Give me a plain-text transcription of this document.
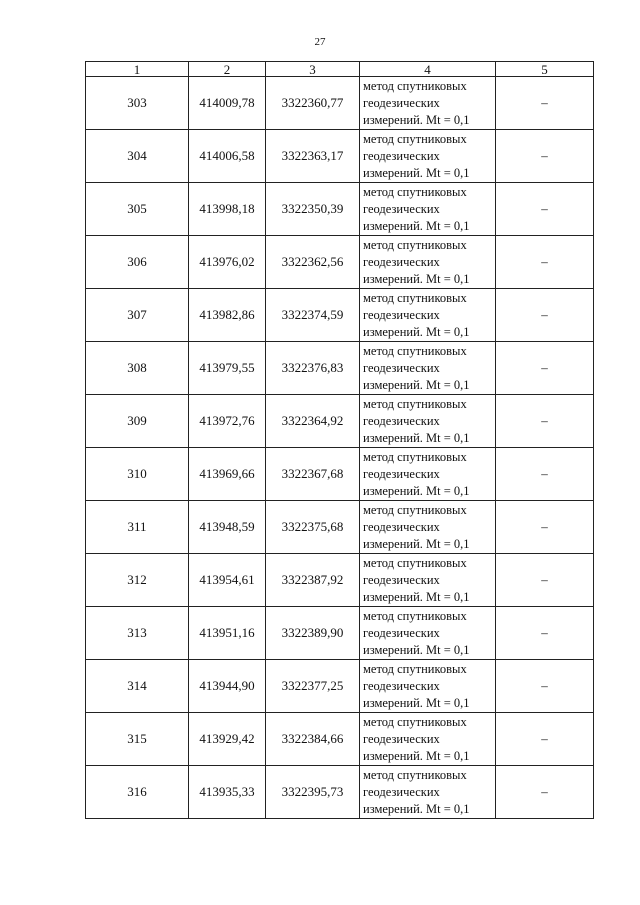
27
1	2	3	4	5
303	414009,78	3322360,77	метод спутниковых
геодезических
измерений. Mt = 0,1	–
304	414006,58	3322363,17	метод спутниковых
геодезических
измерений. Mt = 0,1	–
305	413998,18	3322350,39	метод спутниковых
геодезических
измерений. Mt = 0,1	–
306	413976,02	3322362,56	метод спутниковых
геодезических
измерений. Mt = 0,1	–
307	413982,86	3322374,59	метод спутниковых
геодезических
измерений. Mt = 0,1	–
308	413979,55	3322376,83	метод спутниковых
геодезических
измерений. Mt = 0,1	–
309	413972,76	3322364,92	метод спутниковых
геодезических
измерений. Mt = 0,1	–
310	413969,66	3322367,68	метод спутниковых
геодезических
измерений. Mt = 0,1	–
311	413948,59	3322375,68	метод спутниковых
геодезических
измерений. Mt = 0,1	–
312	413954,61	3322387,92	метод спутниковых
геодезических
измерений. Mt = 0,1	–
313	413951,16	3322389,90	метод спутниковых
геодезических
измерений. Mt = 0,1	–
314	413944,90	3322377,25	метод спутниковых
геодезических
измерений. Mt = 0,1	–
315	413929,42	3322384,66	метод спутниковых
геодезических
измерений. Mt = 0,1	–
316	413935,33	3322395,73	метод спутниковых
геодезических
измерений. Mt = 0,1	–
